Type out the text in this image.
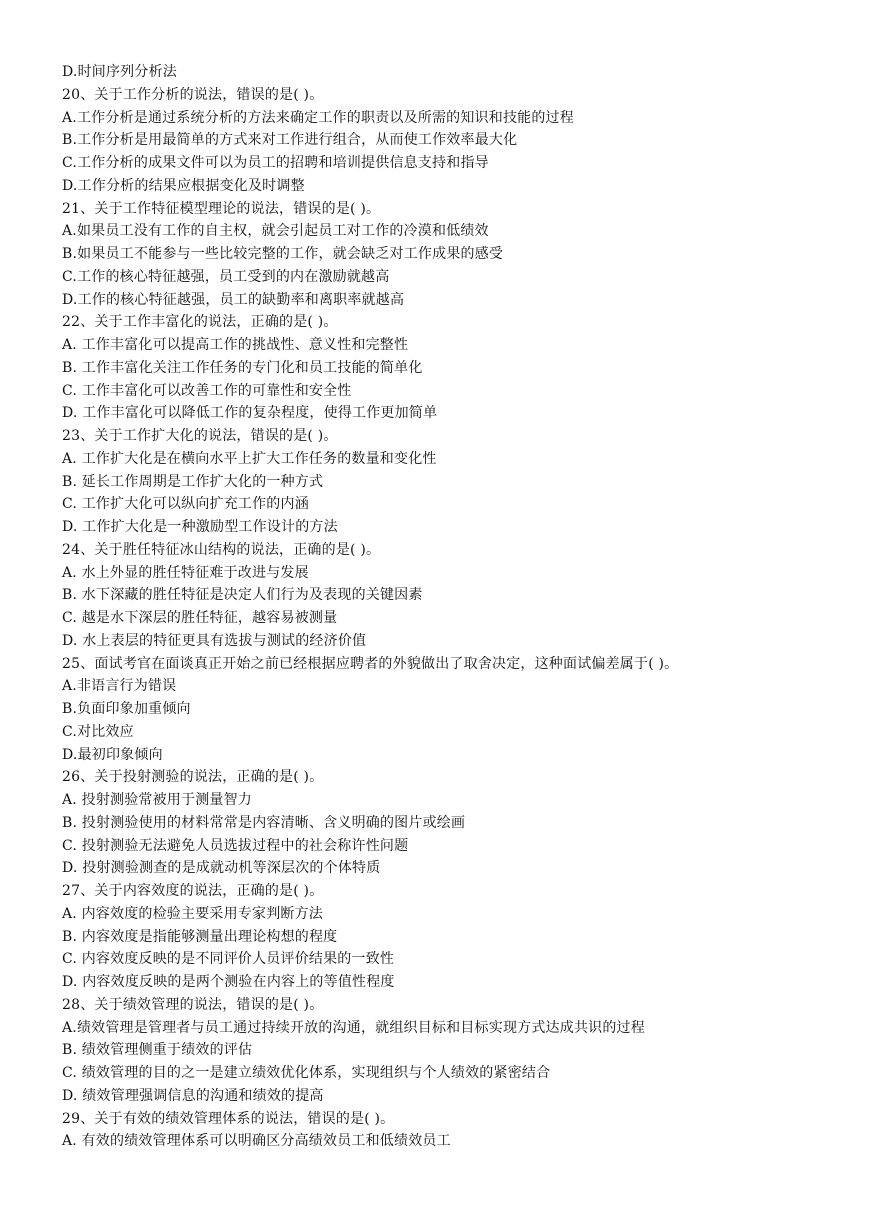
D.时间序列分析法
20、关于工作分析的说法，错误的是( )。
A.工作分析是通过系统分析的方法来确定工作的职责以及所需的知识和技能的过程
B.工作分析是用最简单的方式来对工作进行组合，从而使工作效率最大化
C.工作分析的成果文件可以为员工的招聘和培训提供信息支持和指导
D.工作分析的结果应根据变化及时调整
21、关于工作特征模型理论的说法，错误的是( )。
A.如果员工没有工作的自主权，就会引起员工对工作的冷漠和低绩效
B.如果员工不能参与一些比较完整的工作，就会缺乏对工作成果的感受
C.工作的核心特征越强，员工受到的内在激励就越高
D.工作的核心特征越强，员工的缺勤率和离职率就越高
22、关于工作丰富化的说法，正确的是( )。
A. 工作丰富化可以提高工作的挑战性、意义性和完整性
B. 工作丰富化关注工作任务的专门化和员工技能的简单化
C. 工作丰富化可以改善工作的可靠性和安全性
D. 工作丰富化可以降低工作的复杂程度，使得工作更加简单
23、关于工作扩大化的说法，错误的是( )。
A. 工作扩大化是在横向水平上扩大工作任务的数量和变化性
B. 延长工作周期是工作扩大化的一种方式
C. 工作扩大化可以纵向扩充工作的内涵
D. 工作扩大化是一种激励型工作设计的方法
24、关于胜任特征冰山结构的说法，正确的是( )。
A. 水上外显的胜任特征难于改进与发展
B. 水下深藏的胜任特征是决定人们行为及表现的关键因素
C. 越是水下深层的胜任特征，越容易被测量
D. 水上表层的特征更具有选拔与测试的经济价值
25、面试考官在面谈真正开始之前已经根据应聘者的外貌做出了取舍决定，这种面试偏差属于( )。
A.非语言行为错误
B.负面印象加重倾向
C.对比效应
D.最初印象倾向
26、关于投射测验的说法，正确的是( )。
A. 投射测验常被用于测量智力
B. 投射测验使用的材料常常是内容清晰、含义明确的图片或绘画
C. 投射测验无法避免人员选拔过程中的社会称许性问题
D. 投射测验测查的是成就动机等深层次的个体特质
27、关于内容效度的说法，正确的是( )。
A. 内容效度的检验主要采用专家判断方法
B. 内容效度是指能够测量出理论构想的程度
C. 内容效度反映的是不同评价人员评价结果的一致性
D. 内容效度反映的是两个测验在内容上的等值性程度
28、关于绩效管理的说法，错误的是( )。
A.绩效管理是管理者与员工通过持续开放的沟通，就组织目标和目标实现方式达成共识的过程
B. 绩效管理侧重于绩效的评估
C. 绩效管理的目的之一是建立绩效优化体系，实现组织与个人绩效的紧密结合
D. 绩效管理强调信息的沟通和绩效的提高
29、关于有效的绩效管理体系的说法，错误的是( )。
A. 有效的绩效管理体系可以明确区分高绩效员工和低绩效员工
